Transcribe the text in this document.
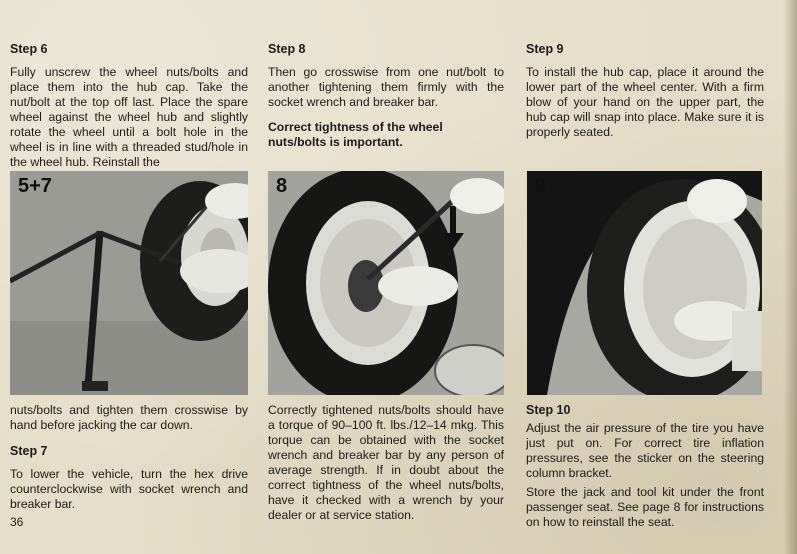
Step 6

Fully unscrew the wheel nuts/bolts and place them into the hub cap. Take the nut/bolt at the top off last. Place the spare wheel against the wheel hub and slightly rotate the wheel until a bolt hole in the wheel is in line with a threaded stud/hole in the wheel hub. Reinstall the

5+7

nuts/bolts and tighten them crosswise by hand before jacking the car down.

Step 7

To lower the vehicle, turn the hex drive counterclockwise with socket wrench and breaker bar.

36

Step 8

Then go crosswise from one nut/bolt to another tightening them firmly with the socket wrench and breaker bar.

Correct tightness of the wheel nuts/bolts is important.

8

Correctly tightened nuts/bolts should have a torque of 90–100 ft. lbs./12–14 mkg. This torque can be obtained with the socket wrench and breaker bar by any person of average strength. If in doubt about the correct tightness of the wheel nuts/bolts, have it checked with a wrench by your dealer or at service station.

Step 9

To install the hub cap, place it around the lower part of the wheel center. With a firm blow of your hand on the upper part, the hub cap will snap into place. Make sure it is properly seated.

9

Step 10

Adjust the air pressure of the tire you have just put on. For correct tire inflation pressures, see the sticker on the steering column bracket.

Store the jack and tool kit under the front passenger seat. See page 8 for instructions on how to reinstall the seat.
